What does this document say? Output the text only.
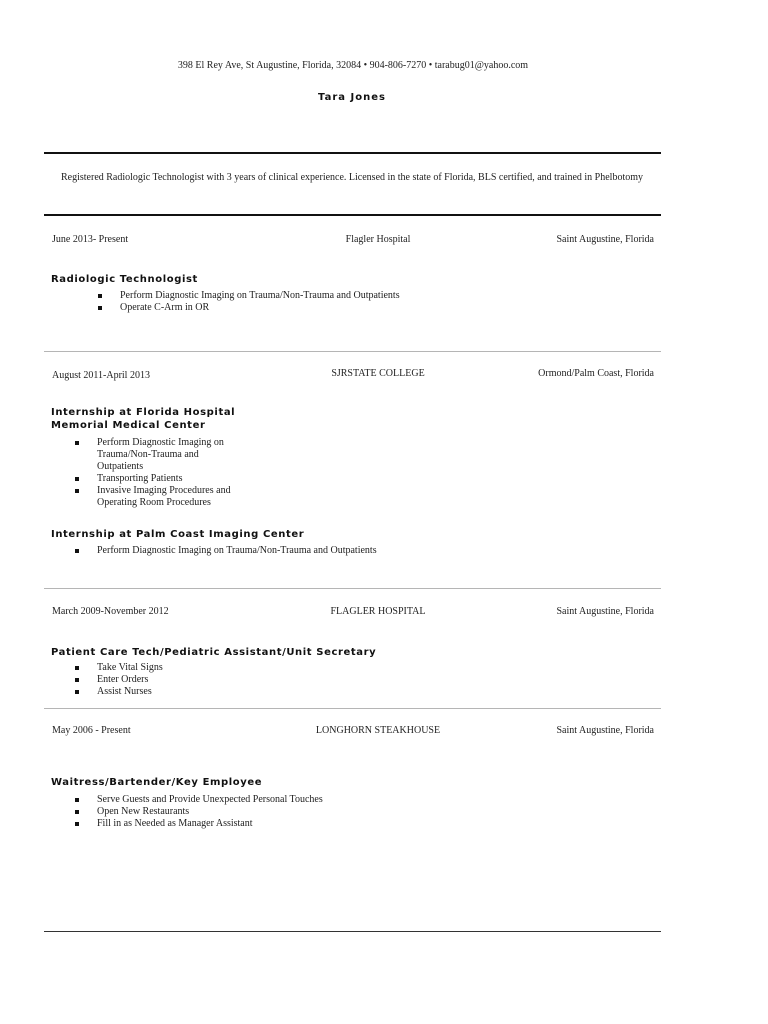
398 El Rey Ave, St Augustine, Florida, 32084 • 904-806-7270 • tarabug01@yahoo.com
Tara Jones
Registered Radiologic Technologist with 3 years of clinical experience. Licensed in the state of Florida, BLS certified, and trained in Phelbotomy
June 2013- Present	Flagler Hospital	Saint Augustine, Florida
Radiologic Technologist
Perform Diagnostic Imaging on Trauma/Non-Trauma and Outpatients
Operate C-Arm in OR
August 2011-April 2013	SJRSTATE COLLEGE	Ormond/Palm Coast, Florida
Internship at Florida Hospital
Memorial Medical Center
Perform Diagnostic Imaging on Trauma/Non-Trauma and Outpatients
Transporting Patients
Invasive Imaging Procedures and Operating Room Procedures
Internship at Palm Coast Imaging Center
Perform Diagnostic Imaging on Trauma/Non-Trauma and Outpatients
March 2009-November 2012	FLAGLER HOSPITAL	Saint Augustine, Florida
Patient Care Tech/Pediatric Assistant/Unit Secretary
Take Vital Signs
Enter Orders
Assist Nurses
May 2006 - Present	LONGHORN STEAKHOUSE	Saint Augustine, Florida
Waitress/Bartender/Key Employee
Serve Guests and Provide Unexpected Personal Touches
Open New Restaurants
Fill in as Needed as Manager Assistant
